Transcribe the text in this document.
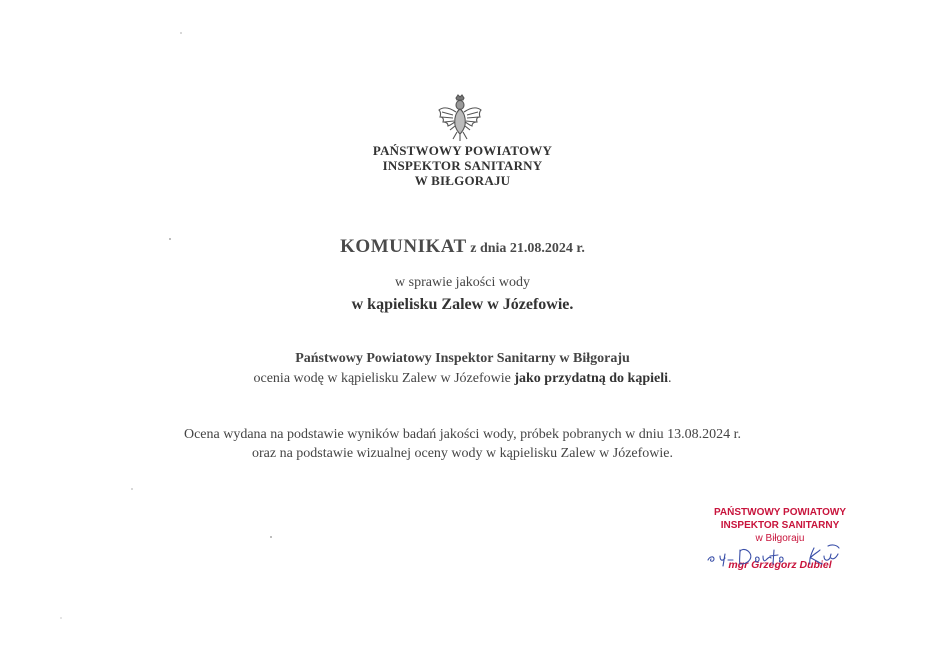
PAŃSTWOWY POWIATOWY
INSPEKTOR SANITARNY
W BIŁGORAJU
KOMUNIKAT z dnia 21.08.2024 r.
w sprawie jakości wody
w kąpielisku Zalew w Józefowie.
Państwowy Powiatowy Inspektor Sanitarny w Biłgoraju
ocenia wodę w kąpielisku Zalew w Józefowie jako przydatną do kąpieli.
Ocena wydana na podstawie wyników badań jakości wody, próbek pobranych w dniu 13.08.2024 r.
oraz na podstawie wizualnej oceny wody w kąpielisku Zalew w Józefowie.
PAŃSTWOWY POWIATOWY
INSPEKTOR SANITARNY
w Biłgoraju
mgr Grzegorz Dubiel
